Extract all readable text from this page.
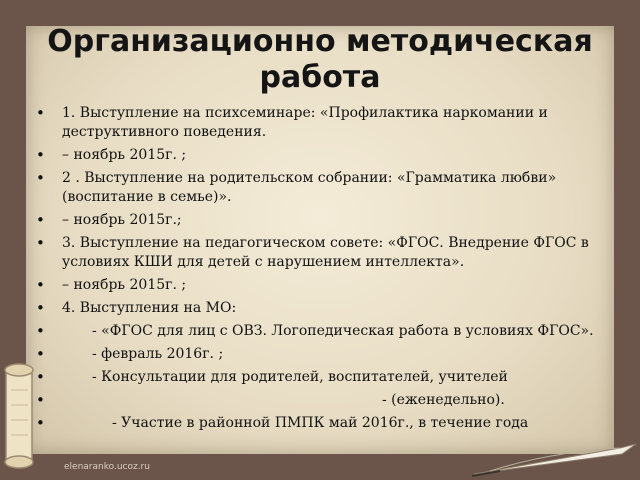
~ ϑ ℓ ς ∂ ~ ϑ ℓ ς ∂ ~ ϑ ℓ ς ∂ ~ ϑ ℓ ς ∂ ~ ϑ ℓ ς ∂ ~ ϑ ℓ ς ∂ ~ ϑ ℓ ς ∂ ~ ϑ ℓ ς ∂ ~ ϑ ℓ ς ∂ ~ ϑ ℓ ς ∂
ℓ ς ∂ ~ ϑ ℓ ς ∂ ~ ϑ ℓ ς ∂ ~ ϑ ℓ ς ∂ ~ ϑ ℓ ς ∂ ~ ϑ ℓ ς ∂ ~ ϑ ℓ ς ∂ ~ ϑ ℓ ς ∂ ~ ϑ ℓ ς ∂ ~ ϑ
Организационно методическая работа
• 1. Выступление на психсеминаре: «Профилактика наркомании и деструктивного поведения.
• – ноябрь 2015г. ;
• 2 . Выступление на родительском собрании: «Грамматика любви» (воспитание в семье)».
• – ноябрь 2015г.;
• 3. Выступление на педагогическом совете: «ФГОС. Внедрение ФГОС в условиях КШИ для детей с нарушением интеллекта».
• – ноябрь 2015г. ;
• 4. Выступления на МО:
• - «ФГОС для лиц с ОВЗ. Логопедическая работа в условиях ФГОС».
• - февраль 2016г. ;
• - Консультации для родителей, воспитателей, учителей
• - (еженедельно).
• - Участие в районной ПМПК май 2016г., в течение года
elenaranko.ucoz.ru
